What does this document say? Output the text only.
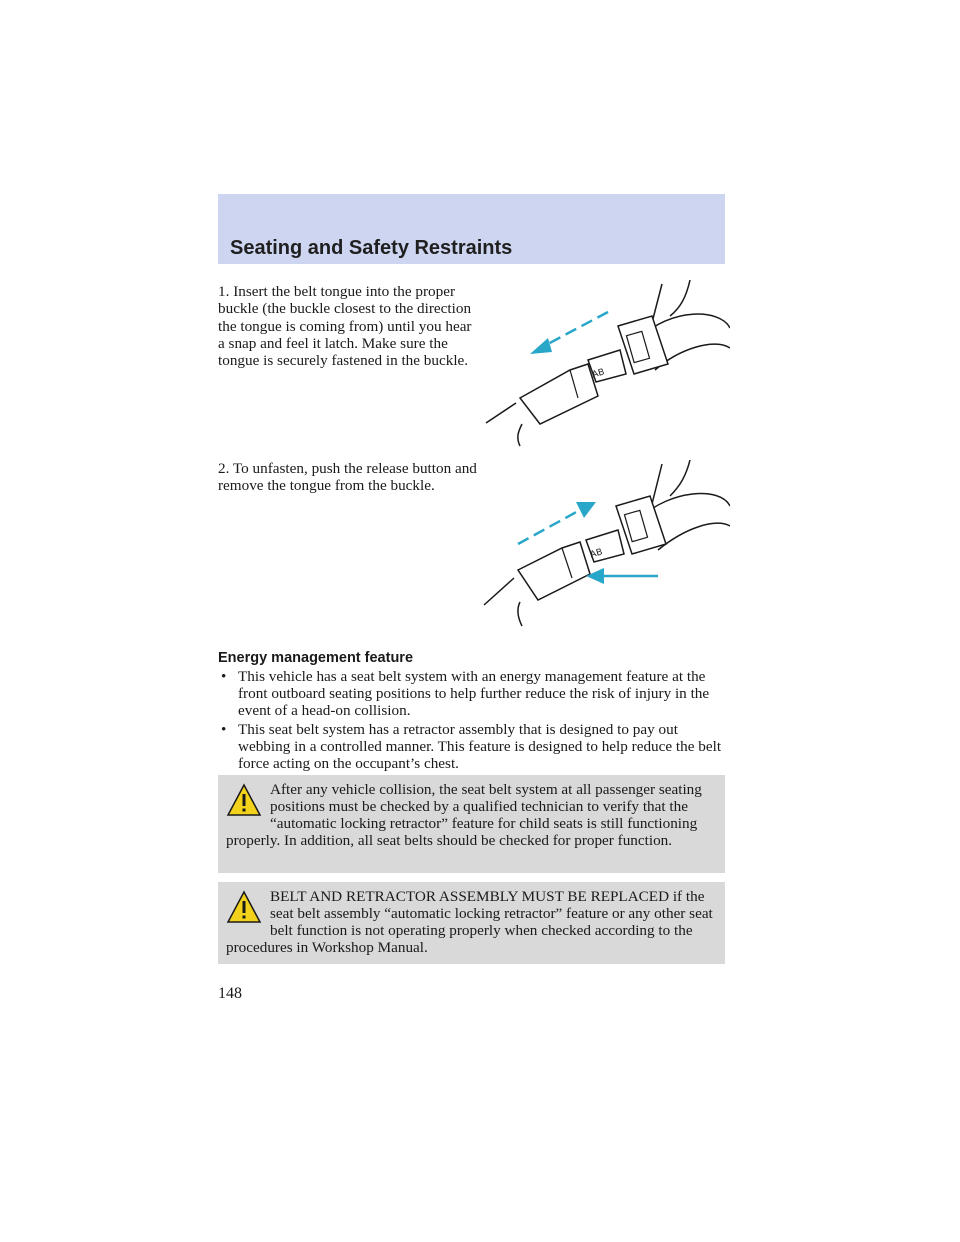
Seating and Safety Restraints

1. Insert the belt tongue into the proper buckle (the buckle closest to the direction the tongue is coming from) until you hear a snap and feel it latch. Make sure the tongue is securely fastened in the buckle.

AB

2. To unfasten, push the release button and remove the tongue from the buckle.

AB
Energy management feature
• This vehicle has a seat belt system with an energy management feature at the front outboard seating positions to help further reduce the risk of injury in the event of a head-on collision.
• This seat belt system has a retractor assembly that is designed to pay out webbing in a controlled manner. This feature is designed to help reduce the belt force acting on the occupant’s chest.
After any vehicle collision, the seat belt system at all passenger seating positions must be checked by a qualified technician to verify that the “automatic locking retractor” feature for child seats is still functioning properly. In addition, all seat belts should be checked for proper function.
BELT AND RETRACTOR ASSEMBLY MUST BE REPLACED if the seat belt assembly “automatic locking retractor” feature or any other seat belt function is not operating properly when checked according to the procedures in Workshop Manual.

148
